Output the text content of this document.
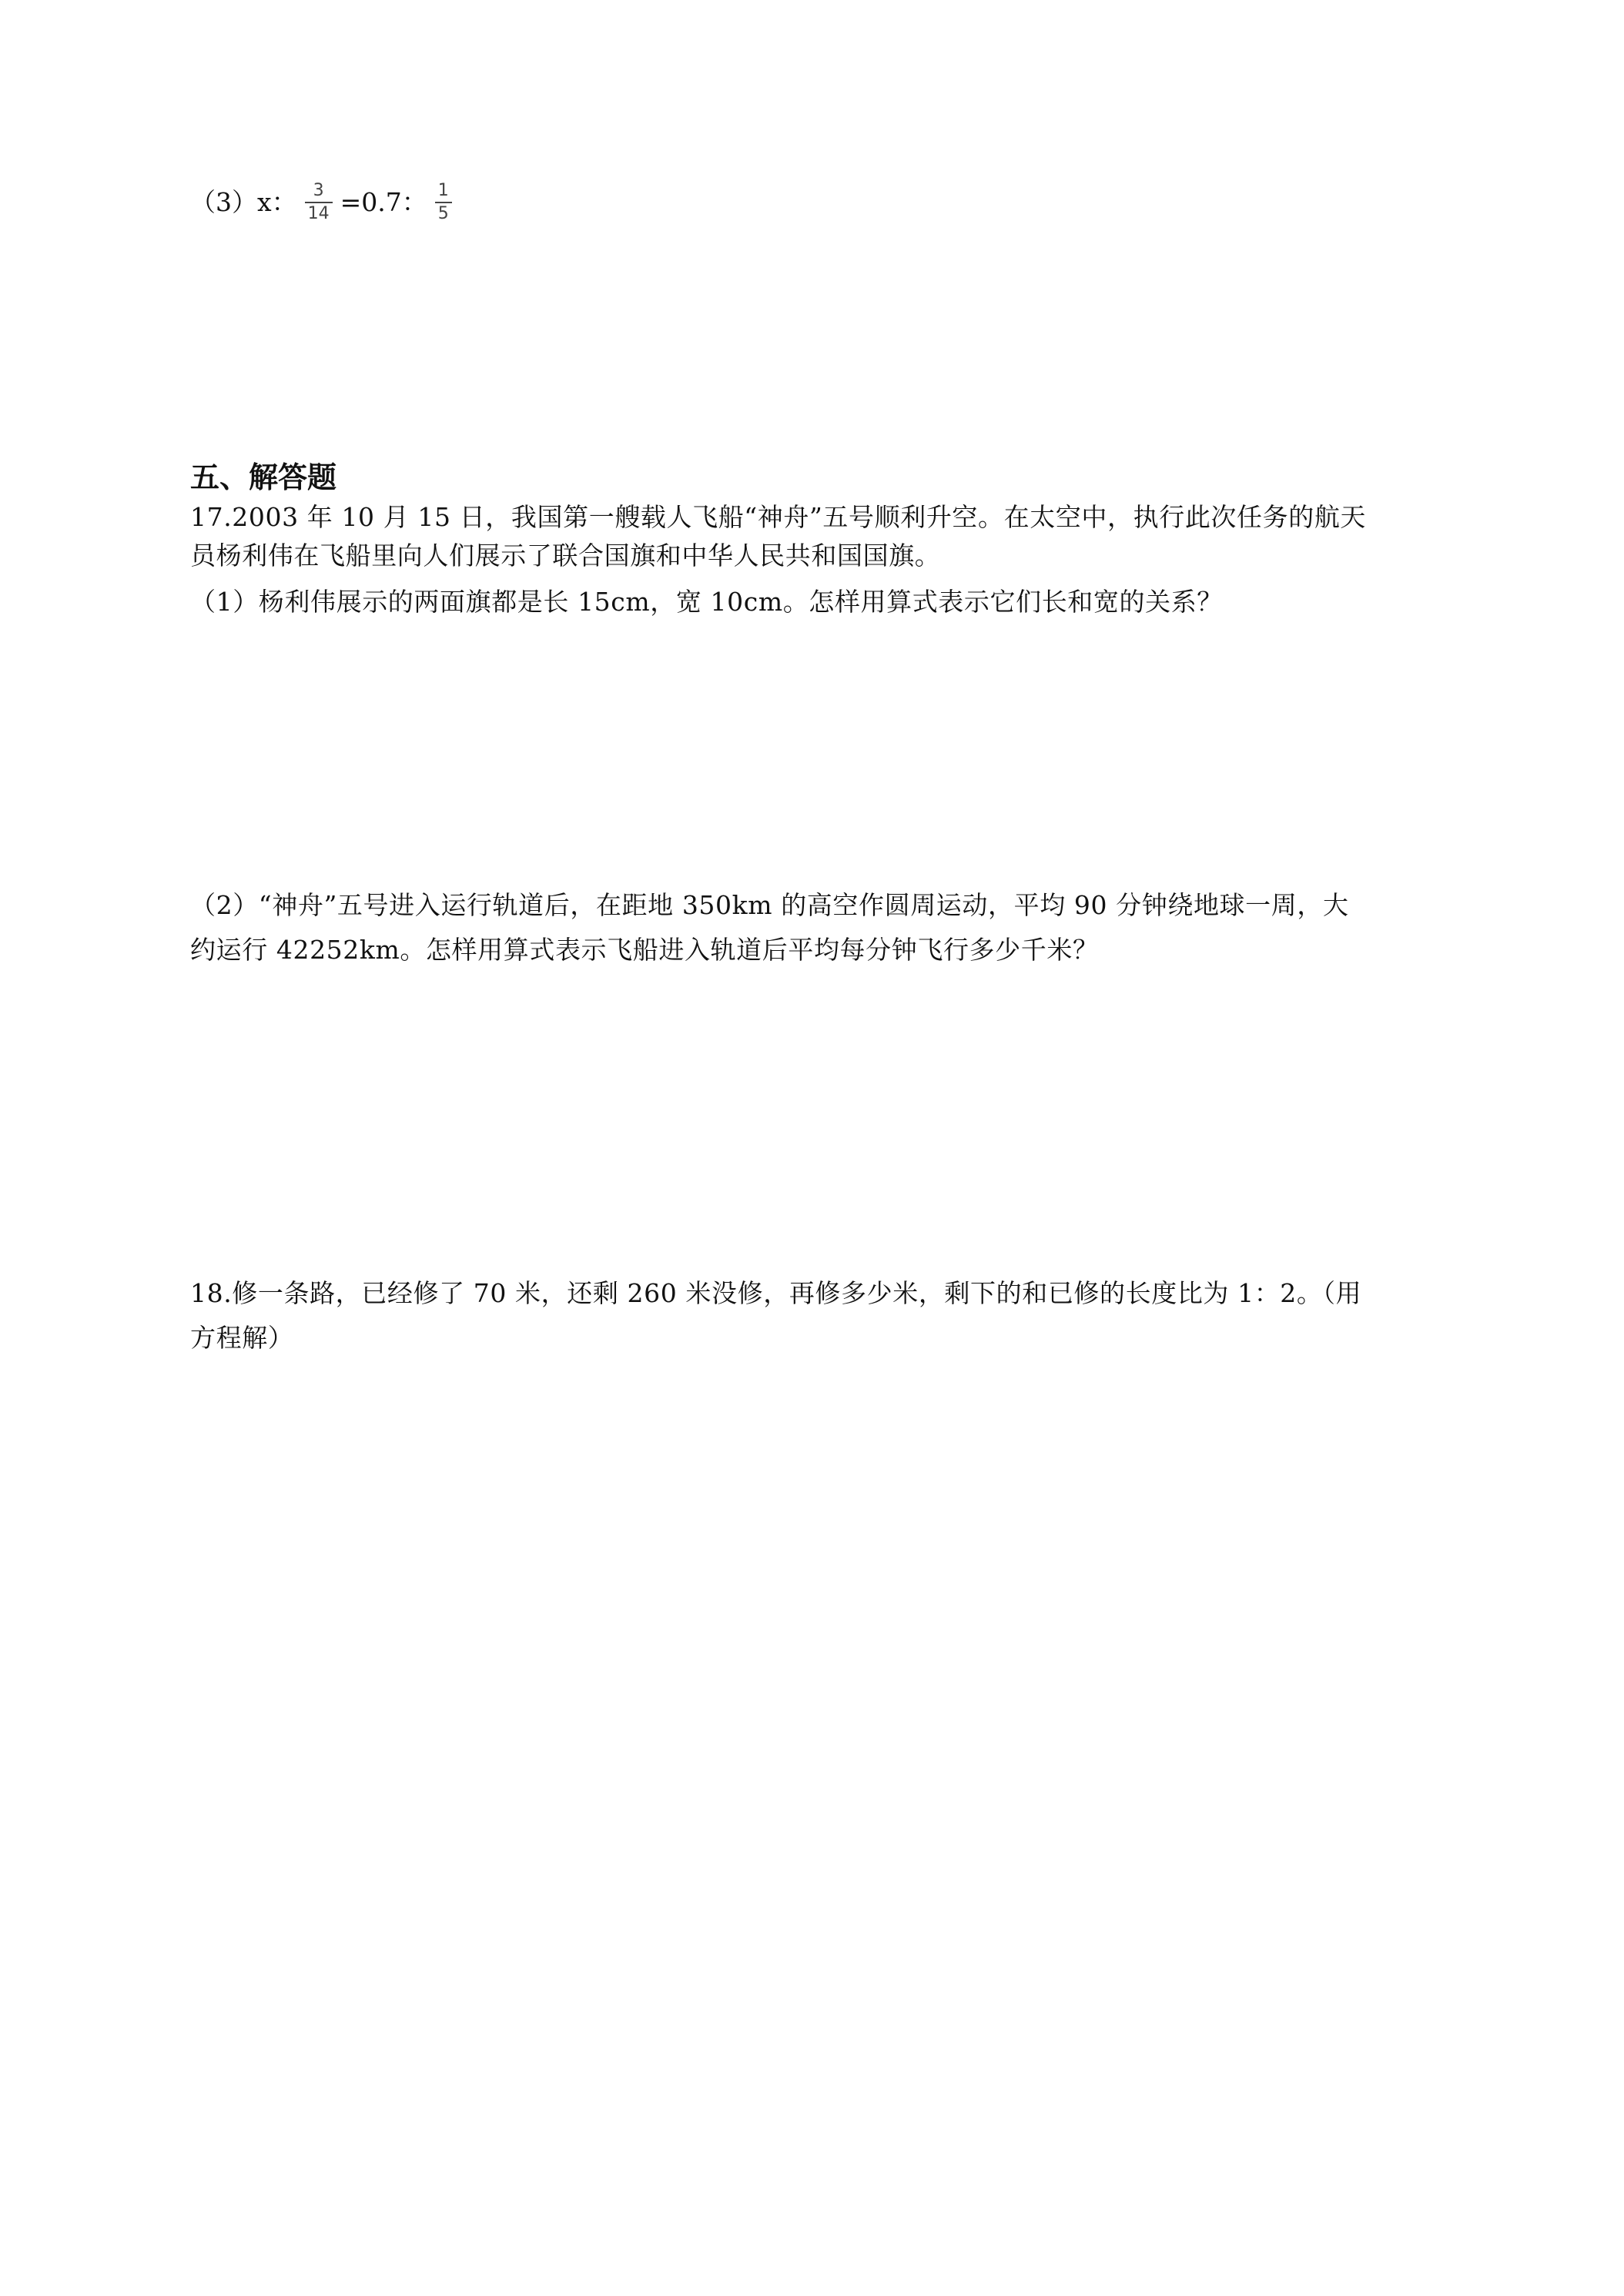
（3）x： $\frac{3}{14} =0.7$： $\frac{1}{5}$
五、解答题
17.2003 年 10 月 15 日，我国第一艘载人飞船“神舟”五号顺利升空。在太空中，执行此次任务的航天
员杨利伟在飞船里向人们展示了联合国旗和中华人民共和国国旗。
（1）杨利伟展示的两面旗都是长 15cm，宽 10cm。怎样用算式表示它们长和宽的关系？
（2）“神舟”五号进入运行轨道后，在距地 350km 的高空作圆周运动，平均 90 分钟绕地球一周，大
约运行 42252km。怎样用算式表示飞船进入轨道后平均每分钟飞行多少千米？
18.修一条路，已经修了 70 米，还剩 260 米没修，再修多少米，剩下的和已修的长度比为 1：2。（用
方程解）
